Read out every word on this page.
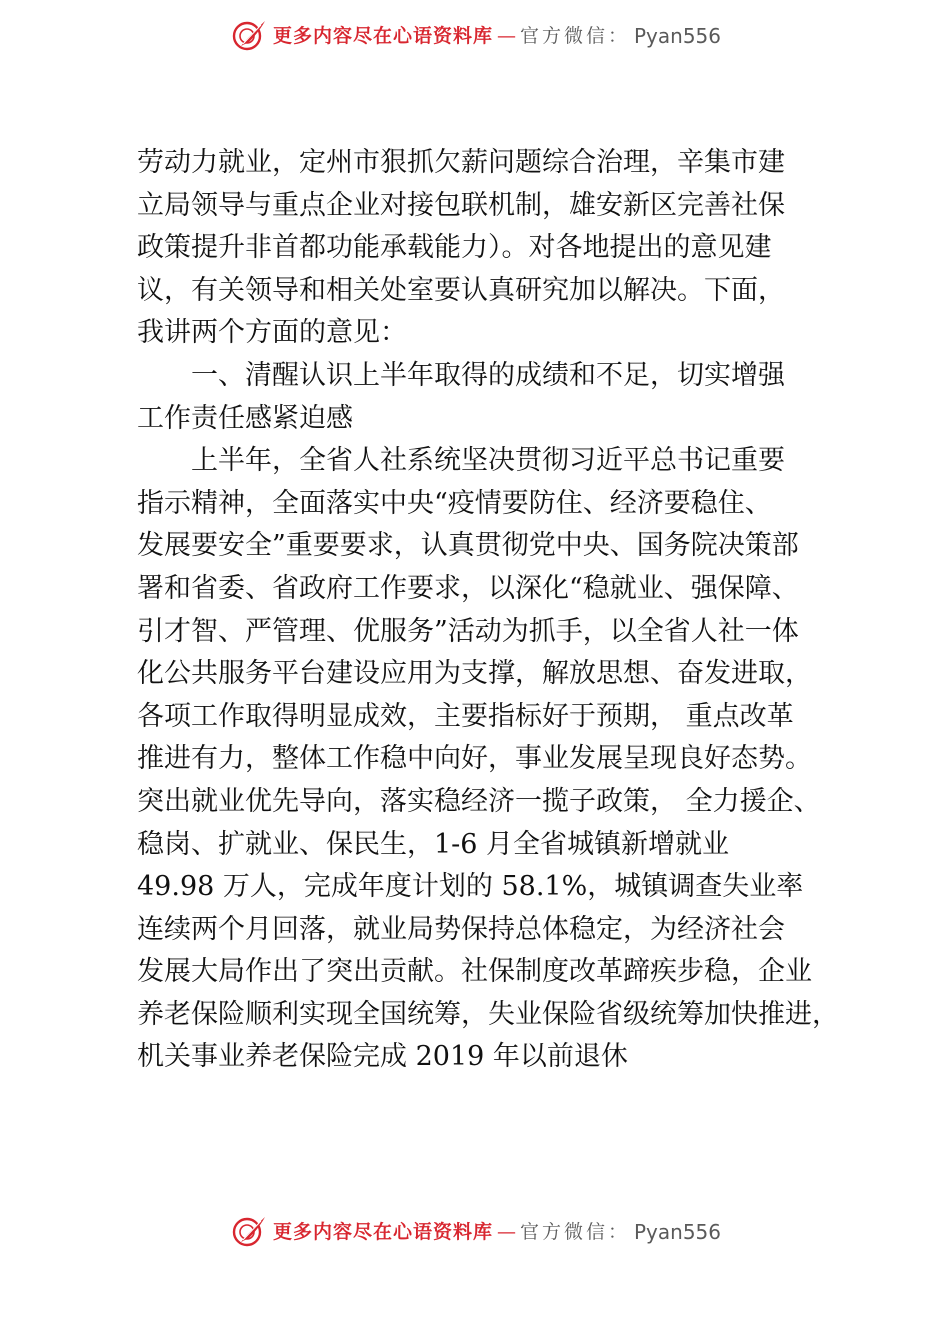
更多内容尽在心语资料库 — 官方微信： Pyan556
劳动力就业，定州市狠抓欠薪问题综合治理，辛集市建
立局领导与重点企业对接包联机制，雄安新区完善社保
政策提升非首都功能承载能力）。对各地提出的意见建
议，有关领导和相关处室要认真研究加以解决。下面，
我讲两个方面的意见：
一、清醒认识上半年取得的成绩和不足，切实增强
工作责任感紧迫感
上半年，全省人社系统坚决贯彻习近平总书记重要
指示精神，全面落实中央“疫情要防住、经济要稳住、
发展要安全”重要要求，认真贯彻党中央、国务院决策部
署和省委、省政府工作要求，以深化“稳就业、强保障、
引才智、严管理、优服务”活动为抓手，以全省人社一体
化公共服务平台建设应用为支撑，解放思想、奋发进取，
各项工作取得明显成效，主要指标好于预期， 重点改革
推进有力，整体工作稳中向好，事业发展呈现良好态势。
突出就业优先导向，落实稳经济一揽子政策， 全力援企、
稳岗、扩就业、保民生，1-6 月全省城镇新增就业
49.98 万人，完成年度计划的 58.1%，城镇调查失业率
连续两个月回落，就业局势保持总体稳定，为经济社会
发展大局作出了突出贡献。社保制度改革蹄疾步稳，企业
养老保险顺利实现全国统筹，失业保险省级统筹加快推进，
机关事业养老保险完成 2019 年以前退休
更多内容尽在心语资料库 — 官方微信： Pyan556
